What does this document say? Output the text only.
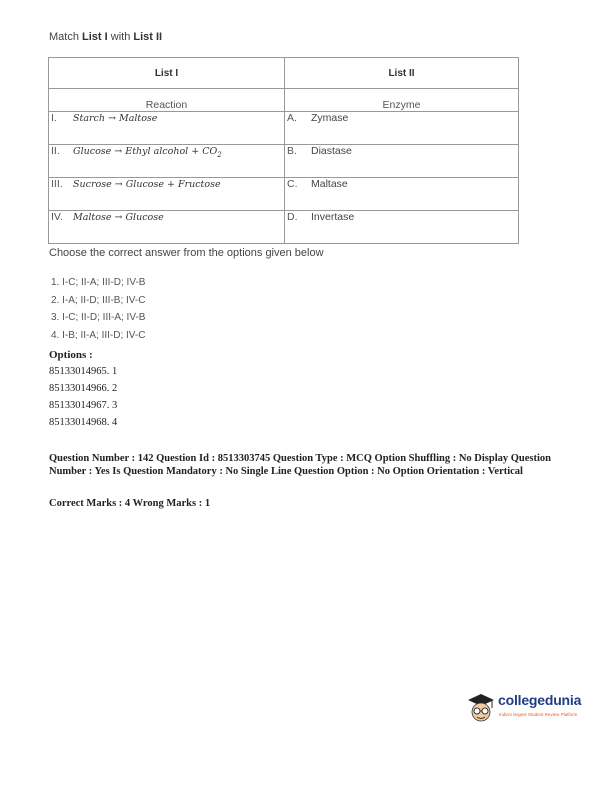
Match List I with List II
List I	List II
Reaction	Enzyme
I. Starch → Maltose	A. Zymase
II. Glucose → Ethyl alcohol + $CO_2$	B. Diastase
III. Sucrose → Glucose + Fructose	C. Maltase
IV. Maltose → Glucose	D. Invertase
Choose the correct answer from the options given below
1. I-C; II-A; III-D; IV-B
2. I-A; II-D; III-B; IV-C
3. I-C; II-D; III-A; IV-B
4. I-B; II-A; III-D; IV-C
Options :
85133014965. 1
85133014966. 2
85133014967. 3
85133014968. 4
Question Number : 142 Question Id : 8513303745 Question Type : MCQ Option Shuffling : No Display Question Number : Yes Is Question Mandatory : No Single Line Question Option : No Option Orientation : Vertical
Correct Marks : 4 Wrong Marks : 1
collegedunia
India's largest Student Review Platform
